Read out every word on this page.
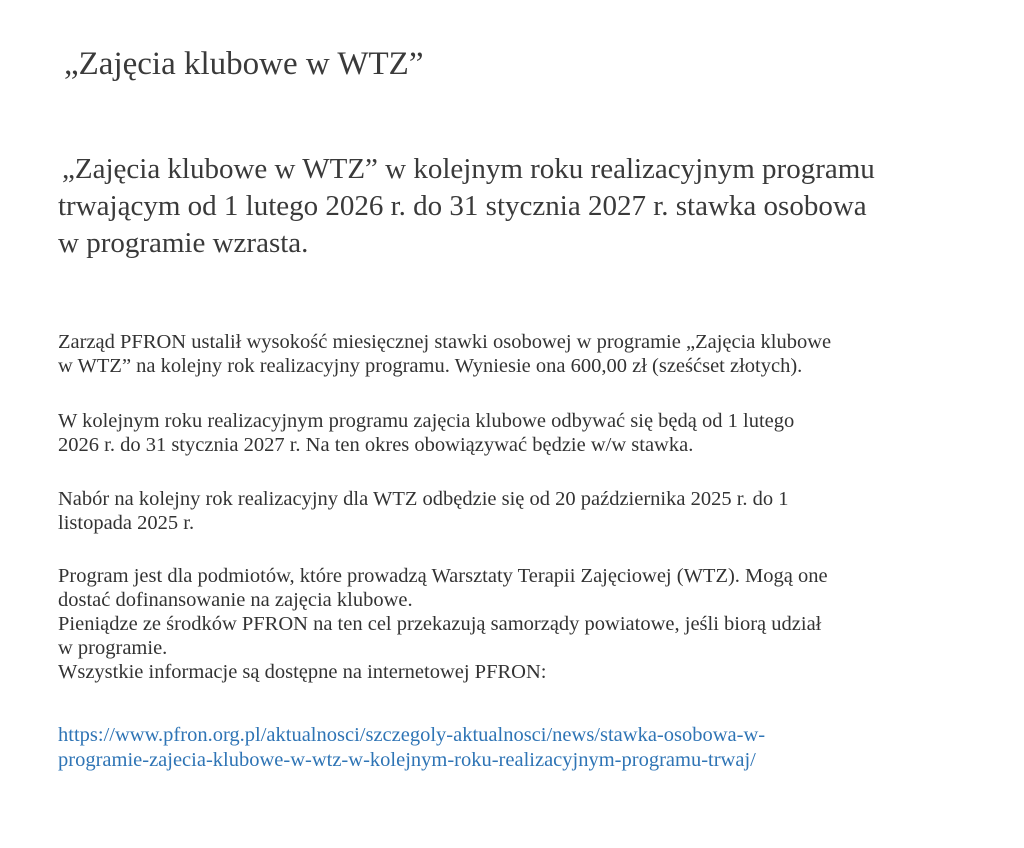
„Zajęcia klubowe w WTZ”
„Zajęcia klubowe w WTZ” w kolejnym roku realizacyjnym programu
trwającym od 1 lutego 2026 r. do 31 stycznia 2027 r. stawka osobowa
w programie wzrasta.
Zarząd PFRON ustalił wysokość miesięcznej stawki osobowej w programie „Zajęcia klubowe
w WTZ” na kolejny rok realizacyjny programu. Wyniesie ona 600,00 zł (sześćset złotych).
W kolejnym roku realizacyjnym programu zajęcia klubowe odbywać się będą od 1 lutego
2026 r. do 31 stycznia 2027 r. Na ten okres obowiązywać będzie w/w stawka.
Nabór na kolejny rok realizacyjny dla WTZ odbędzie się od 20 października 2025 r. do 1
listopada 2025 r.
Program jest dla podmiotów, które prowadzą Warsztaty Terapii Zajęciowej (WTZ). Mogą one
dostać dofinansowanie na zajęcia klubowe.
Pieniądze ze środków PFRON na ten cel przekazują samorządy powiatowe, jeśli biorą udział
w programie.
Wszystkie informacje są dostępne na internetowej PFRON:
https://www.pfron.org.pl/aktualnosci/szczegoly-aktualnosci/news/stawka-osobowa-w-
programie-zajecia-klubowe-w-wtz-w-kolejnym-roku-realizacyjnym-programu-trwaj/
